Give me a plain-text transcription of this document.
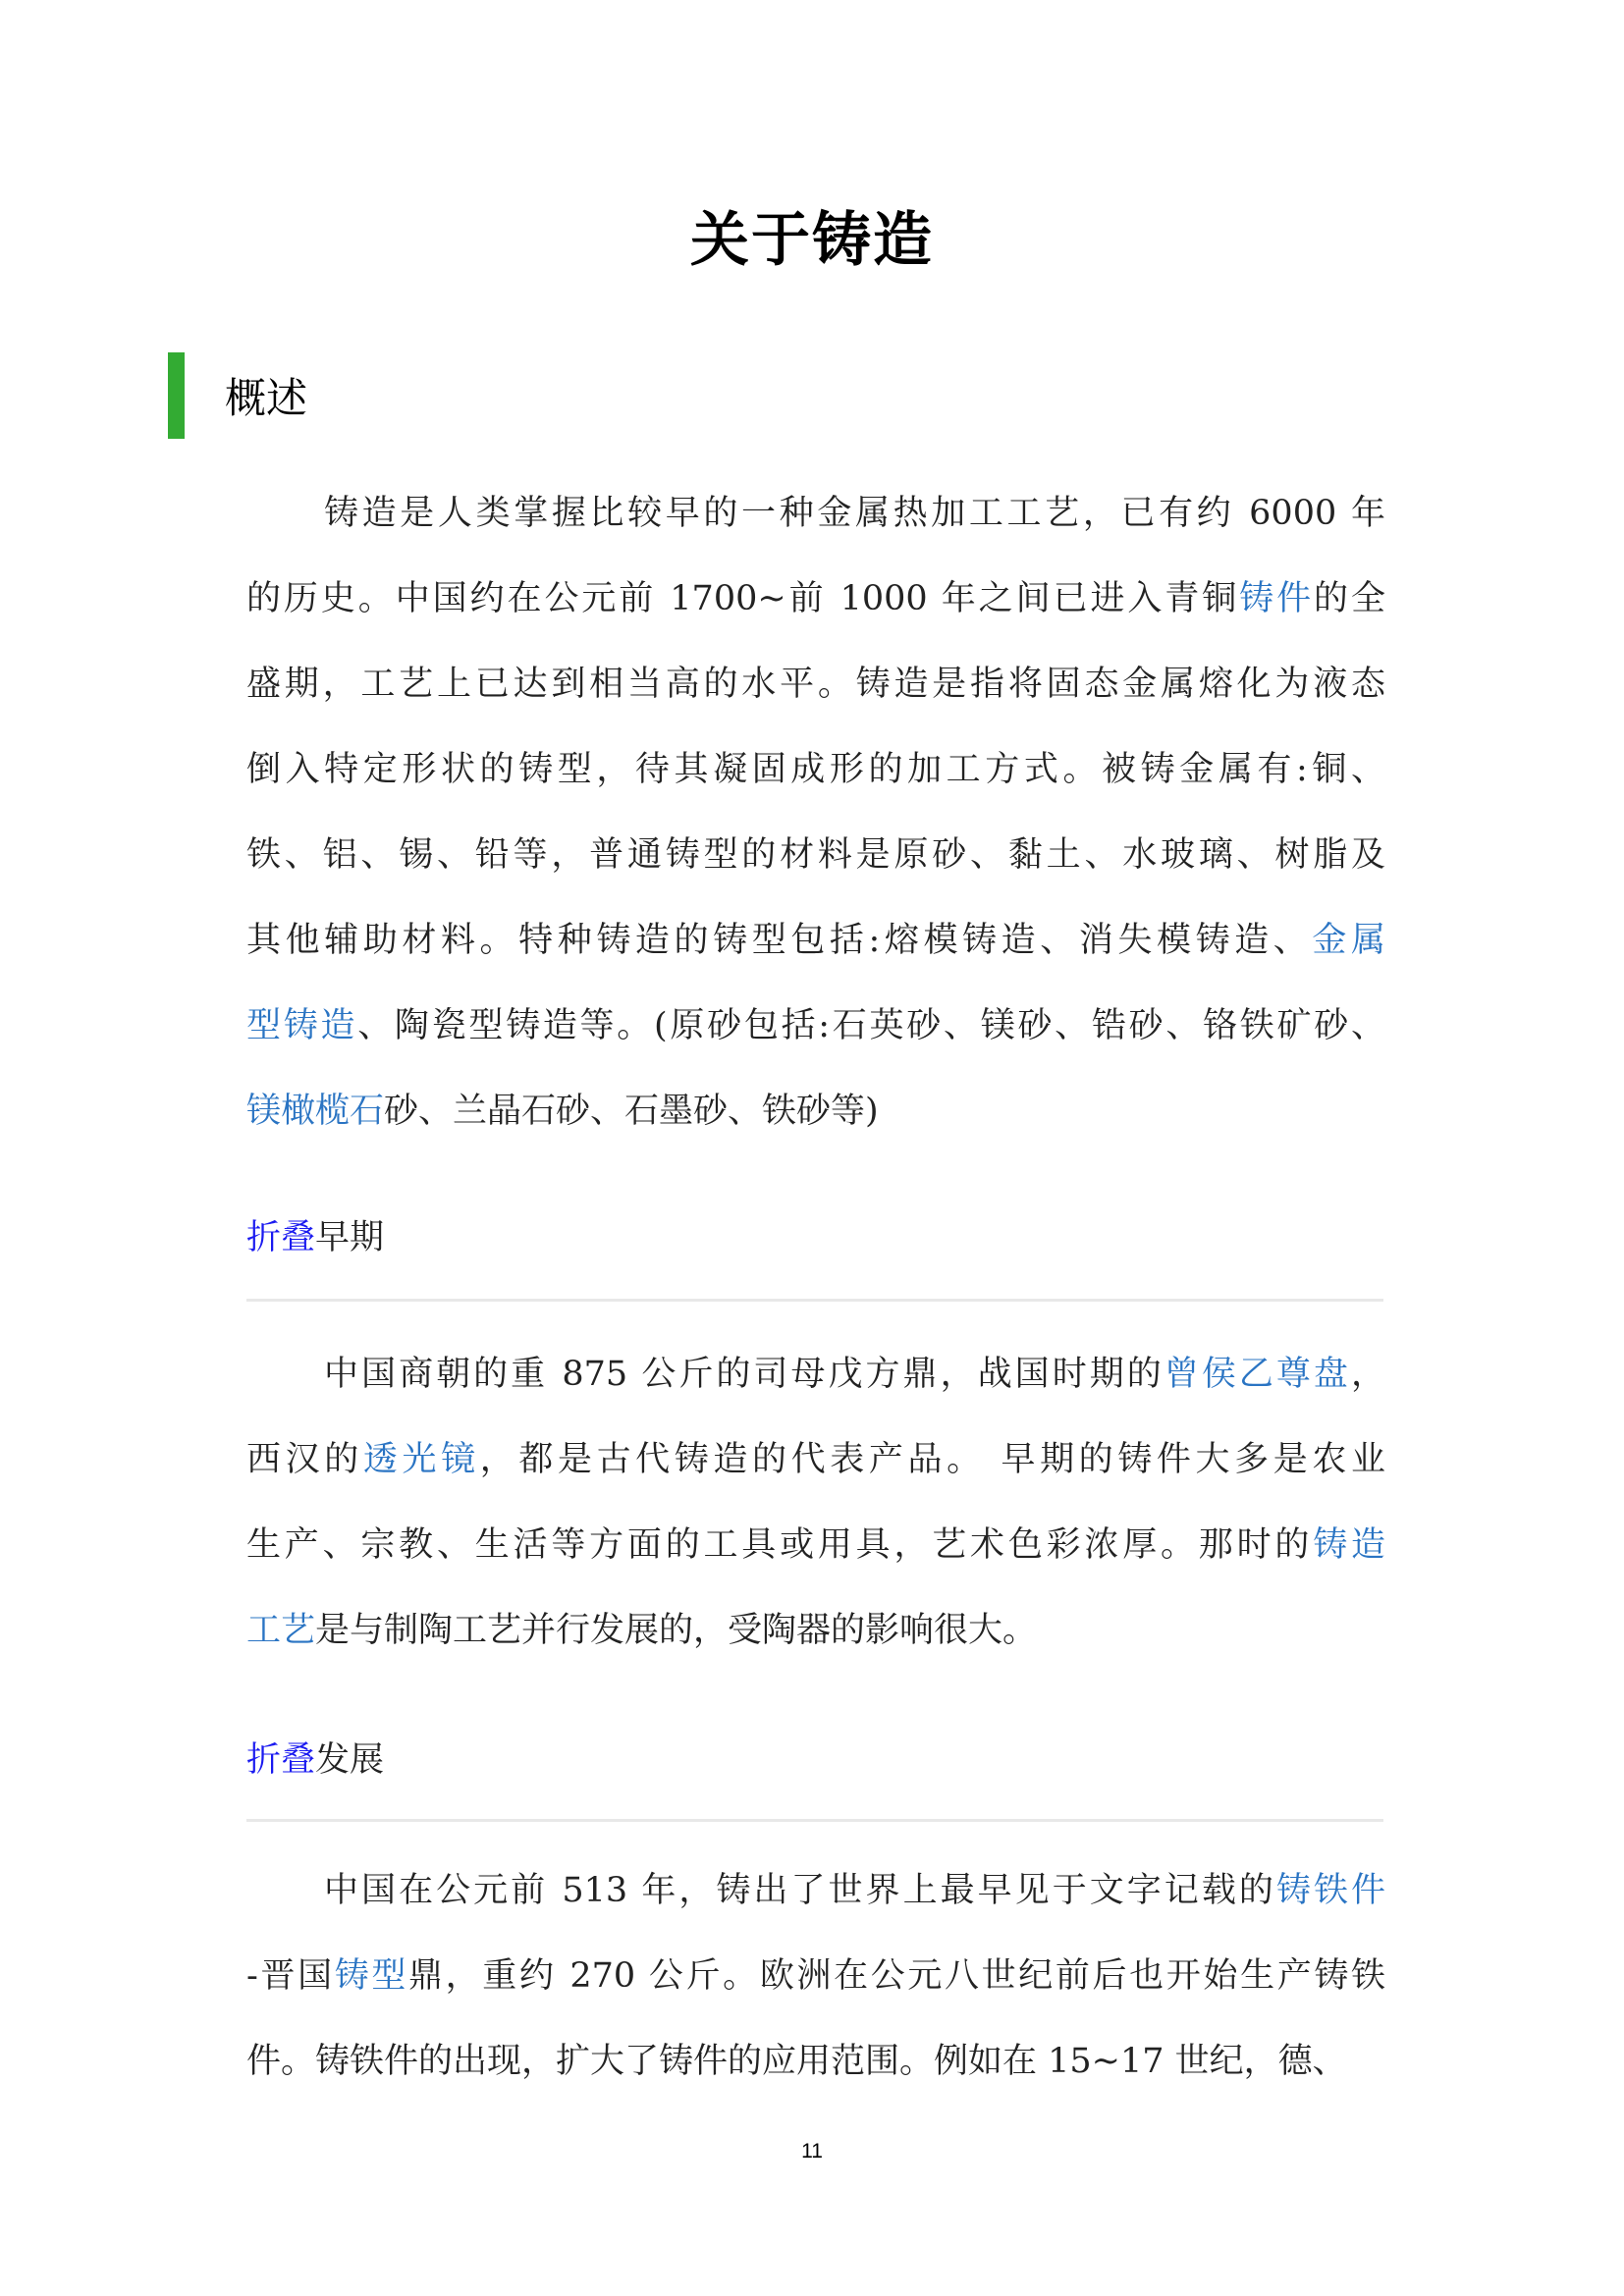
关于铸造
概述
铸造是人类掌握比较早的一种金属热加工工艺，已有约 6000 年
的历史。中国约在公元前 1700~前 1000 年之间已进入青铜铸件的全
盛期，工艺上已达到相当高的水平。铸造是指将固态金属熔化为液态
倒入特定形状的铸型，待其凝固成形的加工方式。被铸金属有:铜、
铁、铝、锡、铅等，普通铸型的材料是原砂、黏土、水玻璃、树脂及
其他辅助材料。特种铸造的铸型包括:熔模铸造、消失模铸造、金属
型铸造、陶瓷型铸造等。(原砂包括:石英砂、镁砂、锆砂、铬铁矿砂、
镁橄榄石砂、兰晶石砂、石墨砂、铁砂等)
折叠早期
中国商朝的重 875 公斤的司母戊方鼎，战国时期的曾侯乙尊盘，
西汉的透光镜，都是古代铸造的代表产品。 早期的铸件大多是农业
生产、宗教、生活等方面的工具或用具，艺术色彩浓厚。那时的铸造
工艺是与制陶工艺并行发展的，受陶器的影响很大。
折叠发展
中国在公元前 513 年，铸出了世界上最早见于文字记载的铸铁件
-晋国铸型鼎，重约 270 公斤。欧洲在公元八世纪前后也开始生产铸铁
件。铸铁件的出现，扩大了铸件的应用范围。例如在 15~17 世纪，德、
11
